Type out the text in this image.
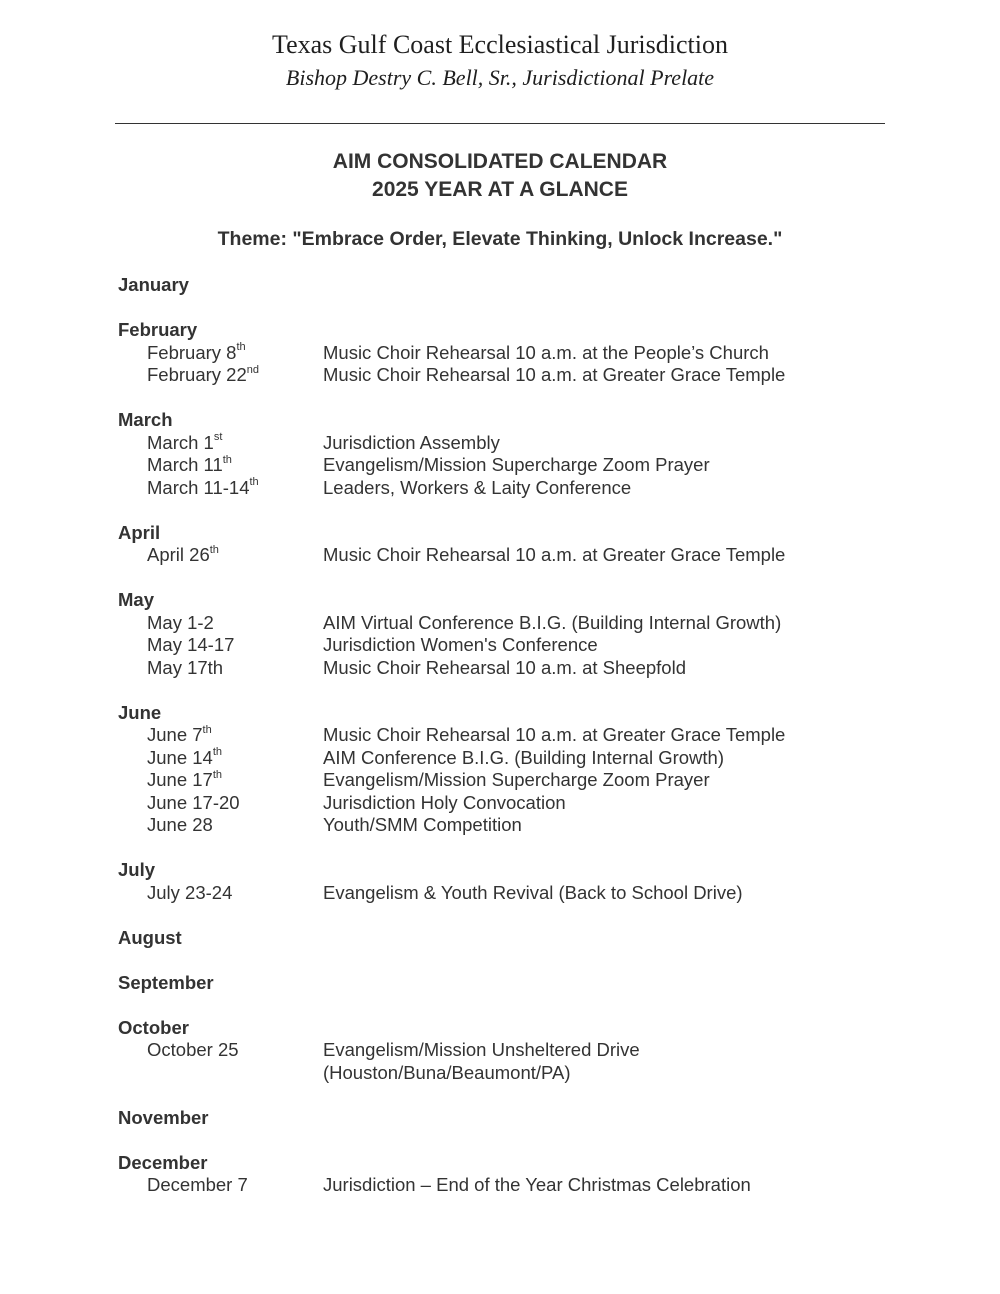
Texas Gulf Coast Ecclesiastical Jurisdiction
Bishop Destry C. Bell, Sr., Jurisdictional Prelate
AIM CONSOLIDATED CALENDAR
2025 YEAR AT A GLANCE
Theme: "Embrace Order, Elevate Thinking, Unlock Increase."
January
February
February 8th	Music Choir Rehearsal 10 a.m. at the People’s Church
February 22nd	Music Choir Rehearsal 10 a.m. at Greater Grace Temple
March
March 1st	Jurisdiction Assembly
March 11th	Evangelism/Mission Supercharge Zoom Prayer
March 11-14th	Leaders, Workers & Laity Conference
April
April 26th	Music Choir Rehearsal 10 a.m. at Greater Grace Temple
May
May 1-2	AIM Virtual Conference B.I.G. (Building Internal Growth)
May 14-17	Jurisdiction Women's Conference
May 17th	Music Choir Rehearsal 10 a.m. at Sheepfold
June
June 7th	Music Choir Rehearsal 10 a.m. at Greater Grace Temple
June 14th	AIM Conference B.I.G. (Building Internal Growth)
June 17th	Evangelism/Mission Supercharge Zoom Prayer
June 17-20	Jurisdiction Holy Convocation
June 28	Youth/SMM Competition
July
July 23-24	Evangelism & Youth Revival (Back to School Drive)
August
September
October
October 25	Evangelism/Mission Unsheltered Drive
(Houston/Buna/Beaumont/PA)
November
December
December 7	Jurisdiction – End of the Year Christmas Celebration
